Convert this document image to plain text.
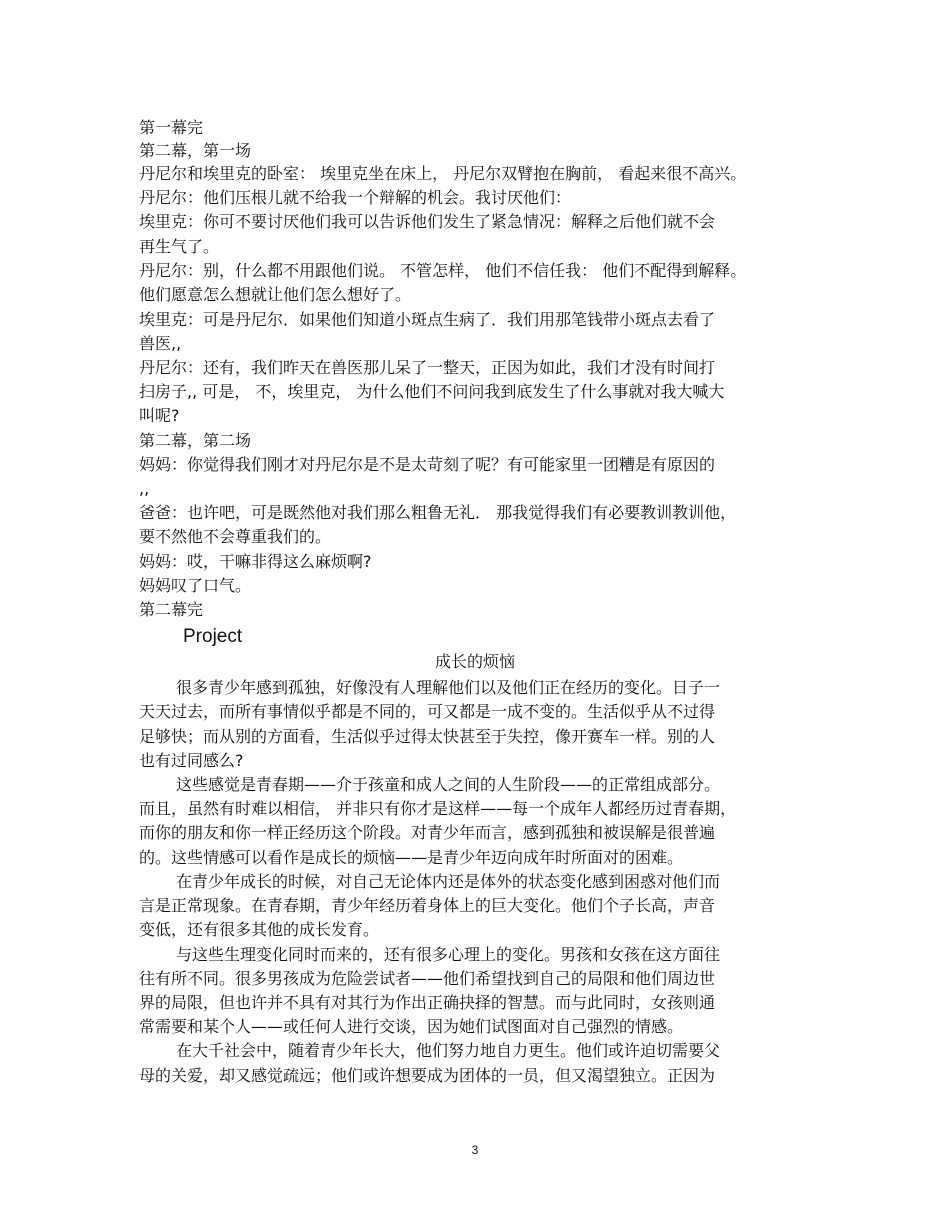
第一幕完
第二幕，第一场
丹尼尔和埃里克的卧室： 埃里克坐在床上， 丹尼尔双臂抱在胸前， 看起来很不高兴。
丹尼尔：他们压根儿就不给我一个辩解的机会。我讨厌他们：
埃里克：你可不要讨厌他们我可以告诉他们发生了紧急情况：解释之后他们就不会
再生气了。
丹尼尔：别，什么都不用跟他们说。 不管怎样， 他们不信任我： 他们不配得到解释。
他们愿意怎么想就让他们怎么想好了。
埃里克：可是丹尼尔．如果他们知道小斑点生病了．我们用那笔钱带小斑点去看了
兽医,,
丹尼尔：还有，我们昨天在兽医那儿呆了一整天，正因为如此，我们才没有时间打
扫房子,, 可是， 不，埃里克， 为什么他们不问问我到底发生了什么事就对我大喊大
叫呢?
第二幕，第二场
妈妈：你觉得我们刚才对丹尼尔是不是太苛刻了呢？有可能家里一团糟是有原因的
,,
爸爸：也许吧，可是既然他对我们那么粗鲁无礼． 那我觉得我们有必要教训教训他，
要不然他不会尊重我们的。
妈妈：哎，干嘛非得这么麻烦啊?
妈妈叹了口气。
第二幕完
Project
成长的烦恼
很多青少年感到孤独，好像没有人理解他们以及他们正在经历的变化。日子一
天天过去，而所有事情似乎都是不同的，可又都是一成不变的。生活似乎从不过得
足够快；而从别的方面看，生活似乎过得太快甚至于失控，像开赛车一样。别的人
也有过同感么?
这些感觉是青春期——介于孩童和成人之间的人生阶段——的正常组成部分。
而且，虽然有时难以相信， 并非只有你才是这样——每一个成年人都经历过青春期，
而你的朋友和你一样正经历这个阶段。对青少年而言，感到孤独和被误解是很普遍
的。这些情感可以看作是成长的烦恼——是青少年迈向成年时所面对的困难。
在青少年成长的时候，对自己无论体内还是体外的状态变化感到困惑对他们而
言是正常现象。在青春期，青少年经历着身体上的巨大变化。他们个子长高，声音
变低，还有很多其他的成长发育。
与这些生理变化同时而来的，还有很多心理上的变化。男孩和女孩在这方面往
往有所不同。很多男孩成为危险尝试者——他们希望找到自己的局限和他们周边世
界的局限，但也许并不具有对其行为作出正确抉择的智慧。而与此同时，女孩则通
常需要和某个人——或任何人进行交谈，因为她们试图面对自己强烈的情感。
在大千社会中，随着青少年长大，他们努力地自力更生。他们或许迫切需要父
母的关爱，却又感觉疏远；他们或许想要成为团体的一员，但又渴望独立。正因为
3
